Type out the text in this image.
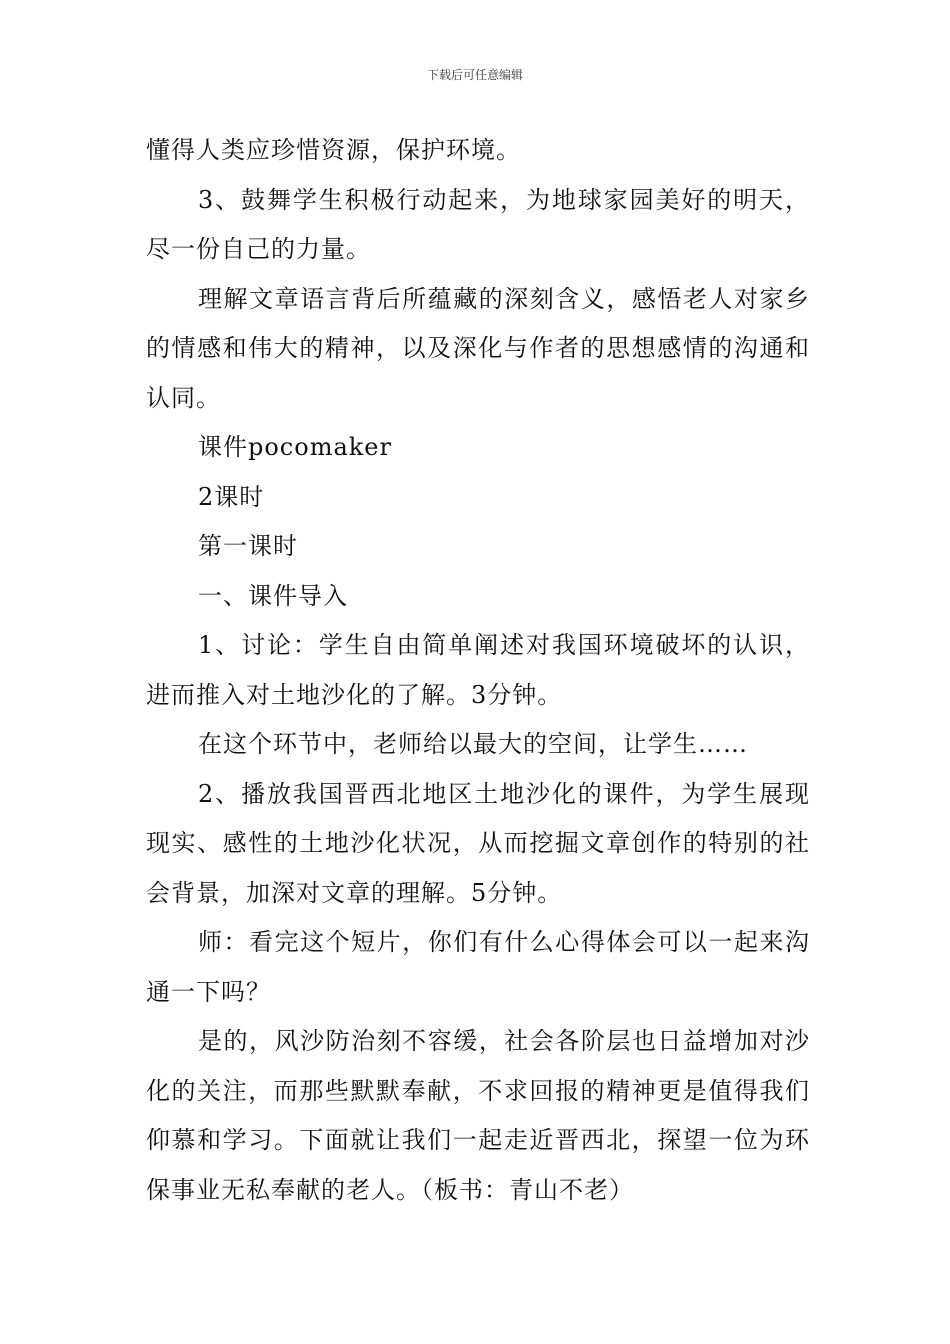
下载后可任意编辑

懂得人类应珍惜资源，保护环境。

3、鼓舞学生积极行动起来，为地球家园美好的明天，尽一份自己的力量。

理解文章语言背后所蕴藏的深刻含义，感悟老人对家乡的情感和伟大的精神，以及深化与作者的思想感情的沟通和认同。

课件pocomaker

2课时

第一课时

一、课件导入

1、讨论：学生自由简单阐述对我国环境破坏的认识，进而推入对土地沙化的了解。3分钟。

在这个环节中，老师给以最大的空间，让学生……

2、播放我国晋西北地区土地沙化的课件，为学生展现现实、感性的土地沙化状况，从而挖掘文章创作的特别的社会背景，加深对文章的理解。5分钟。

师：看完这个短片，你们有什么心得体会可以一起来沟通一下吗？

是的，风沙防治刻不容缓，社会各阶层也日益增加对沙化的关注，而那些默默奉献，不求回报的精神更是值得我们仰慕和学习。下面就让我们一起走近晋西北，探望一位为环保事业无私奉献的老人。（板书：青山不老）
